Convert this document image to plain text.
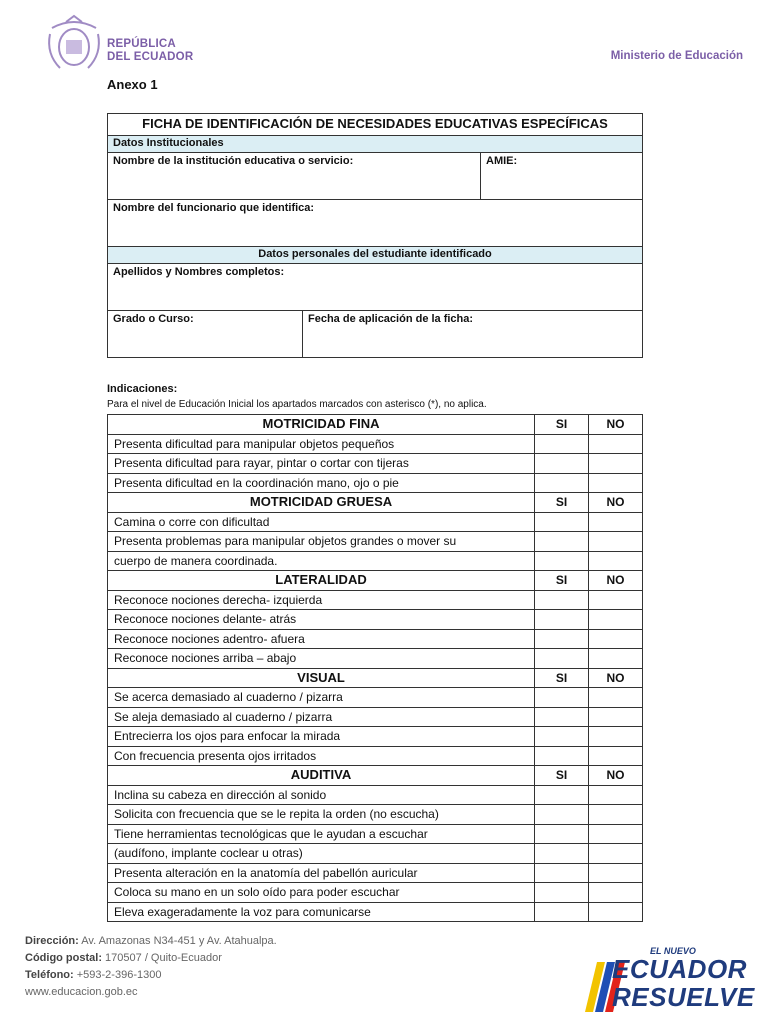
REPÚBLICA
DEL ECUADOR	Ministerio de Educación
Anexo 1
FICHA DE IDENTIFICACIÓN DE NECESIDADES EDUCATIVAS ESPECÍFICAS		
Datos Institucionales		
Nombre de la institución educativa o servicio:		AMIE:
Nombre del funcionario que identifica:		
Datos personales del estudiante identificado		
Apellidos y Nombres completos:		
Grado o Curso:	Fecha de aplicación de la ficha:	
Indicaciones:
Para el nivel de Educación Inicial los apartados marcados con asterisco (*), no aplica.
MOTRICIDAD FINA	SI	NO
Presenta dificultad para manipular objetos pequeños		
Presenta dificultad para rayar, pintar o cortar con tijeras		
Presenta dificultad en la coordinación mano, ojo o pie		
MOTRICIDAD GRUESA	SI	NO
Camina o corre con dificultad		
Presenta problemas para manipular objetos grandes o mover su		
cuerpo de manera coordinada.		
LATERALIDAD	SI	NO
Reconoce nociones derecha- izquierda		
Reconoce nociones delante- atrás		
Reconoce nociones adentro- afuera		
Reconoce nociones arriba – abajo		
VISUAL	SI	NO
Se acerca demasiado al cuaderno / pizarra		
Se aleja demasiado al cuaderno / pizarra		
Entrecierra los ojos para enfocar la mirada		
Con frecuencia presenta ojos irritados		
AUDITIVA	SI	NO
Inclina su cabeza en dirección al sonido		
Solicita con frecuencia que se le repita la orden (no escucha)		
Tiene herramientas tecnológicas que le ayudan a escuchar		
(audífono, implante coclear u otras)		
Presenta alteración en la anatomía del pabellón auricular		
Coloca su mano en un solo oído para poder escuchar		
Eleva exageradamente la voz para comunicarse		
Dirección: Av. Amazonas N34-451 y Av. Atahualpa.
Código postal: 170507 / Quito-Ecuador
Teléfono: +593-2-396-1300
www.educacion.gob.ec
EL NUEVO
ECUADOR
RESUELVE
